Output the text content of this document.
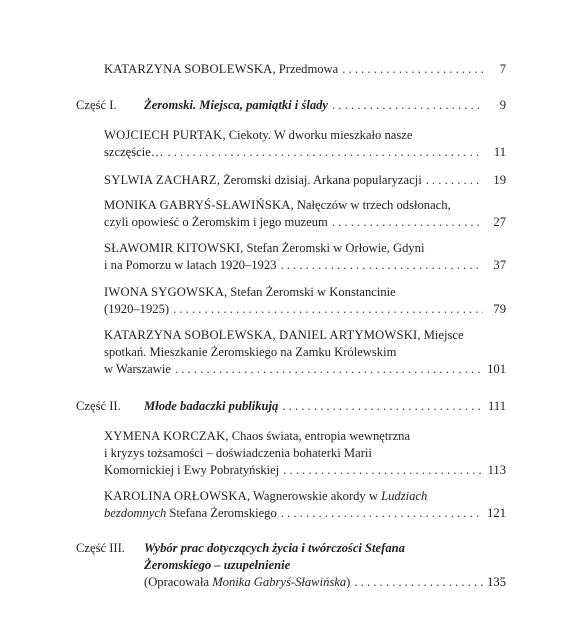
KATARZYNA SOBOLEWSKA, Przedmowa . . .	7
Część I.	Żeromski. Miejsca, pamiątki i ślady . . .	9
WOJCIECH PURTAK, Ciekoty. W dworku mieszkało nasze
szczęście… . . .	11
SYLWIA ZACHARZ, Żeromski dzisiaj. Arkana popularyzacji . . .	19
MONIKA GABRYŚ-SŁAWIŃSKA, Nałęczów w trzech odsłonach,
czyli opowieść o Żeromskim i jego muzeum . . .	27
SŁAWOMIR KITOWSKI, Stefan Żeromski w Orłowie, Gdyni
i na Pomorzu w latach 1920–1923 . . .	37
IWONA SYGOWSKA, Stefan Żeromski w Konstancinie
(1920–1925) . . .	79
KATARZYNA SOBOLEWSKA, DANIEL ARTYMOWSKI, Miejsce
spotkań. Mieszkanie Żeromskiego na Zamku Królewskim
w Warszawie . . .	101
Część II.	Młode badaczki publikują . . .	111
XYMENA KORCZAK, Chaos świata, entropia wewnętrzna
i kryzys tożsamości – doświadczenia bohaterki Marii
Komornickiej i Ewy Pobratyńskiej . . .	113
KAROLINA ORŁOWSKA, Wagnerowskie akordy w Ludziach
bezdomnych Stefana Żeromskiego . . .	121
Część III.	Wybór prac dotyczących życia i twórczości Stefana
Żeromskiego – uzupełnienie
(Opracowała Monika Gabryś-Sławińska) . . .	135
